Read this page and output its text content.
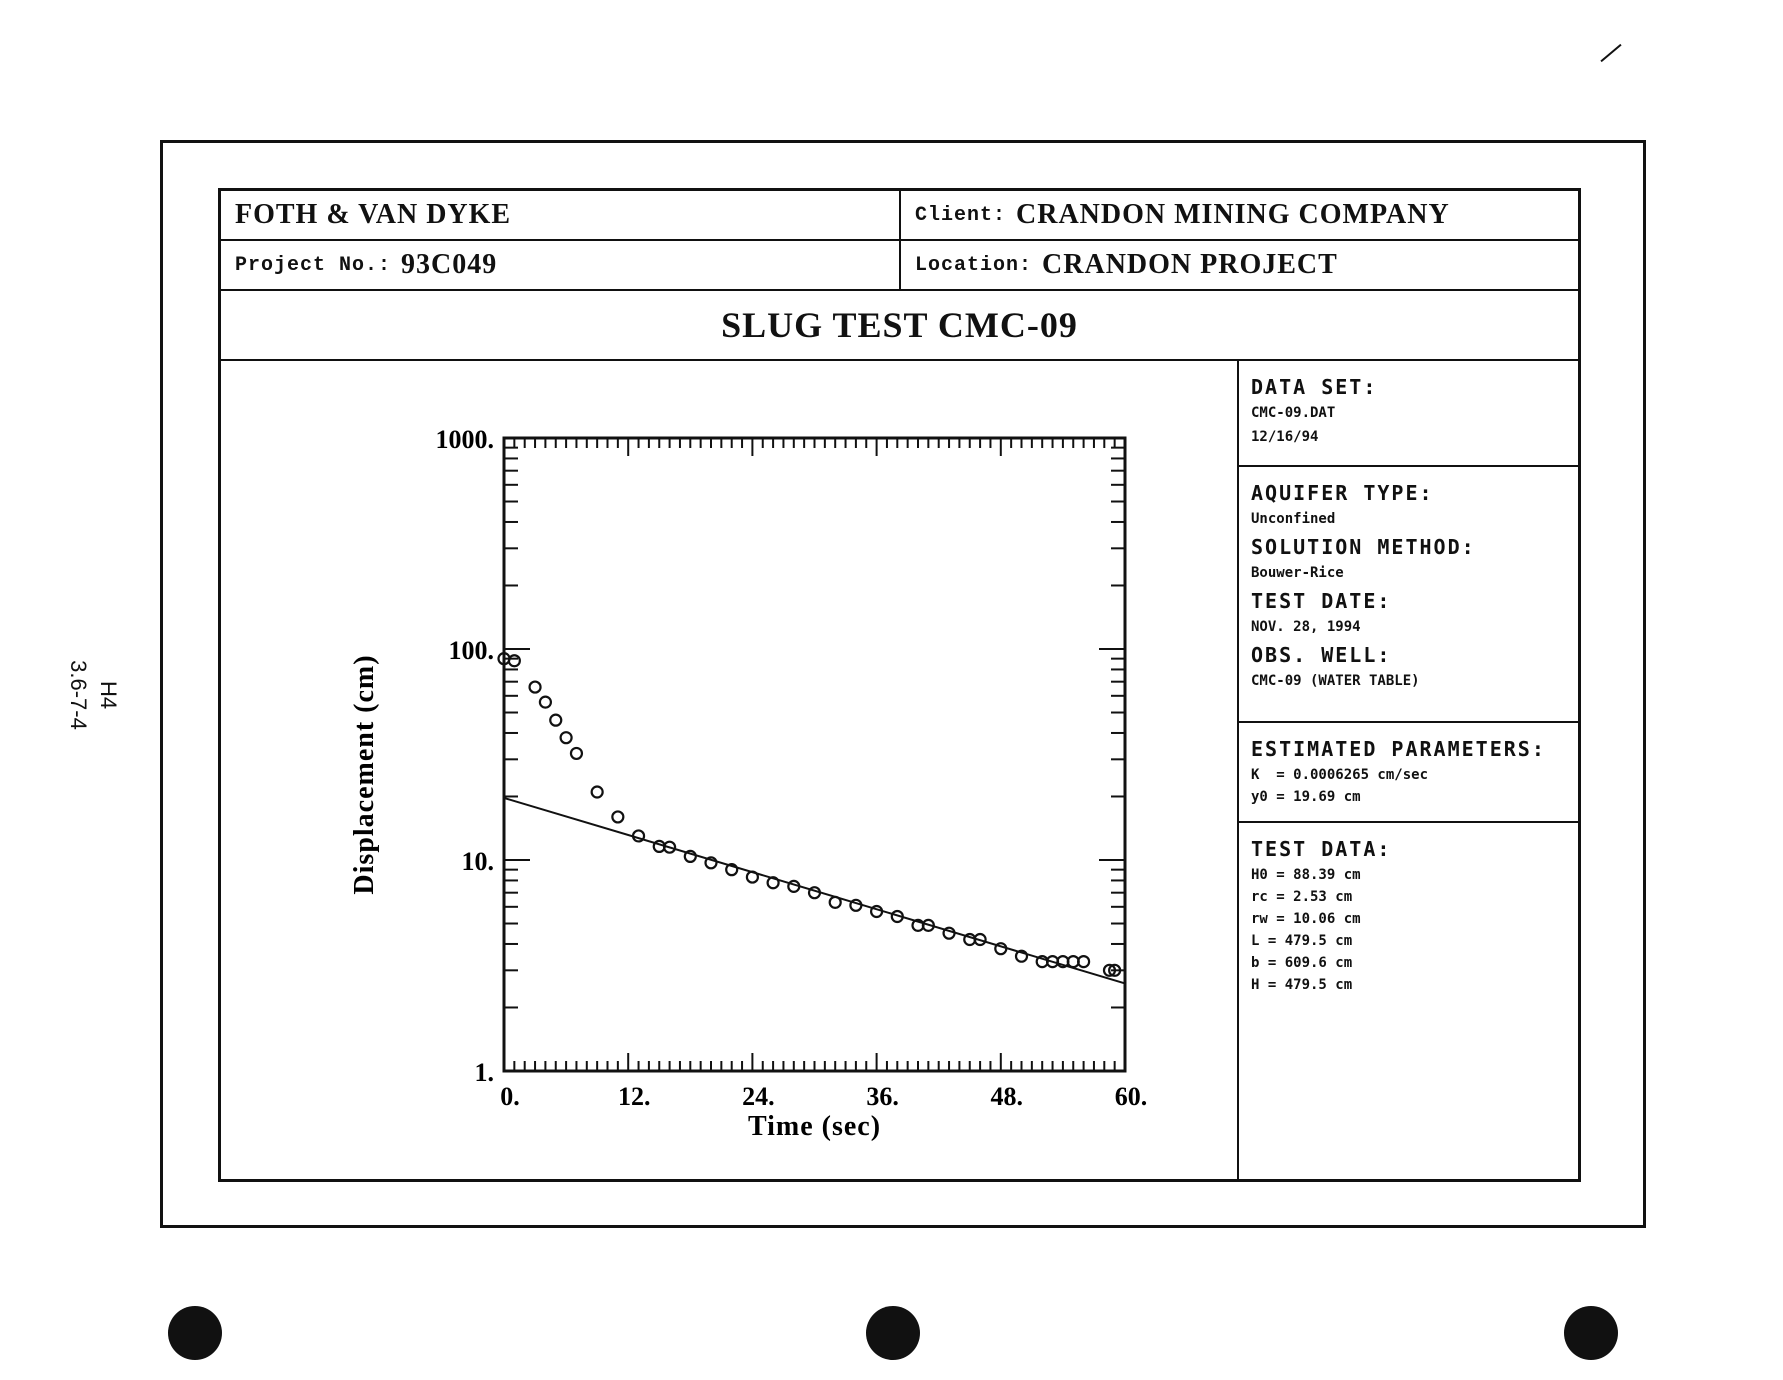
H4
3.6-7-4
FOTH & VAN DYKE	Client: CRANDON MINING COMPANY
Project No.: 93C049	Location: CRANDON PROJECT
SLUG TEST CMC-09
DATA SET:
CMC-09.DAT
12/16/94
AQUIFER TYPE:
Unconfined
SOLUTION METHOD:
Bouwer-Rice
TEST DATE:
NOV. 28, 1994
OBS. WELL:
CMC-09 (WATER TABLE)
ESTIMATED PARAMETERS:
K  = 0.0006265 cm/sec
y0 = 19.69 cm
TEST DATA:
H0 = 88.39 cm
rc = 2.53 cm
rw = 10.06 cm
L = 479.5 cm
b = 609.6 cm
H = 479.5 cm
0.	12.	24.	36.	48.	60.
1.
10.
100.
1000.
Time (sec)
Displacement (cm)
